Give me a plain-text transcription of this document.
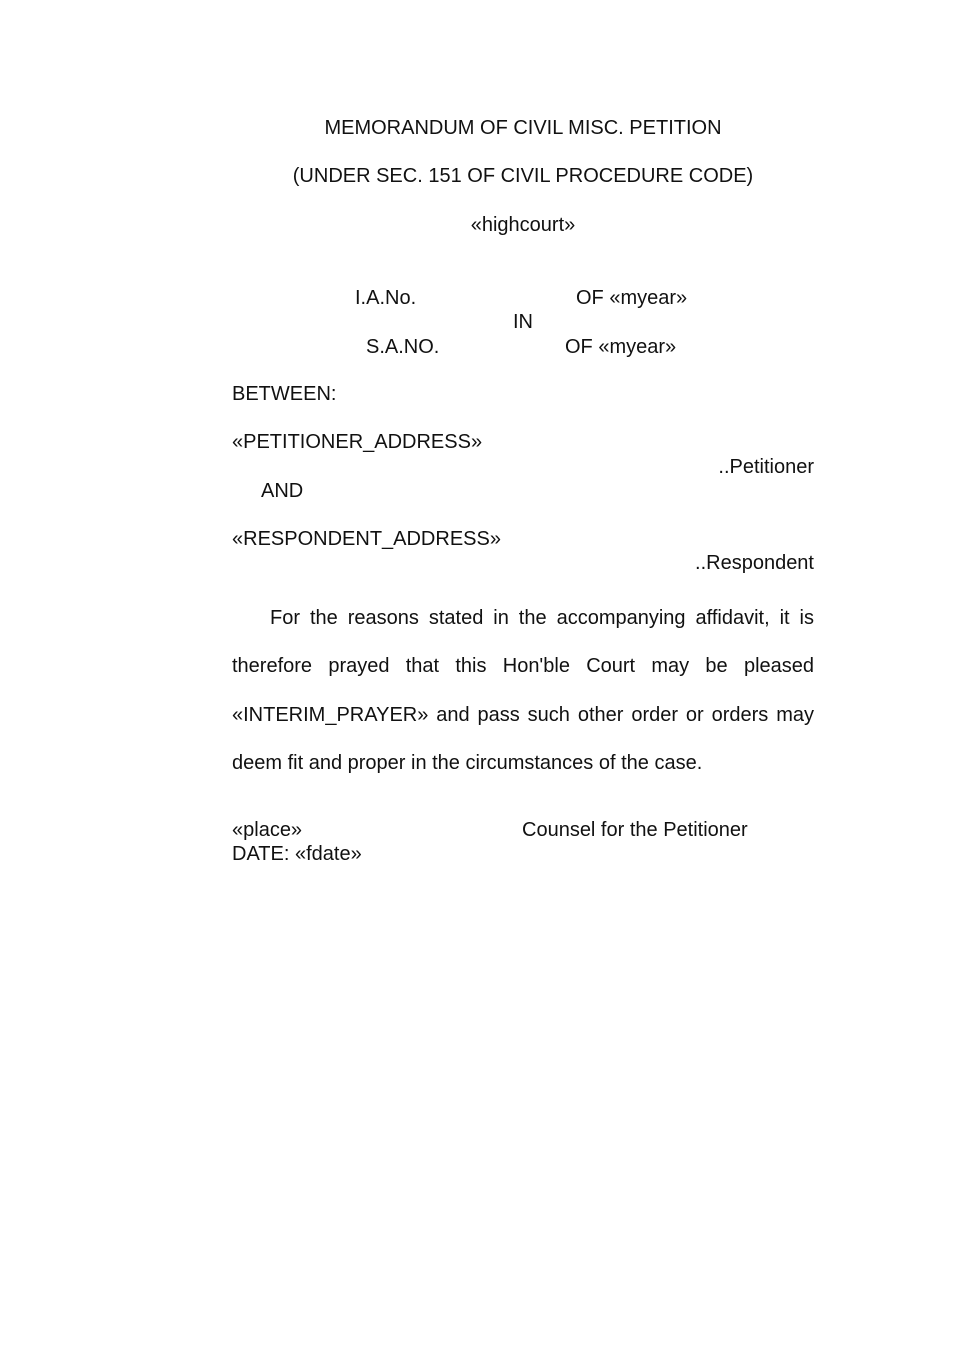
MEMORANDUM OF CIVIL MISC. PETITION
(UNDER SEC. 151 OF CIVIL PROCEDURE CODE)
«highcourt»
I.A.No.	OF «myear»
IN
S.A.NO.	OF «myear»
BETWEEN:
«PETITIONER_ADDRESS»
..Petitioner
AND
«RESPONDENT_ADDRESS»
..Respondent
For the reasons stated in the accompanying affidavit, it is therefore prayed that this Hon'ble Court may be pleased «INTERIM_PRAYER» and pass such other order or orders may deem fit and proper in the circumstances of the case.
«place»	Counsel for the Petitioner
DATE: «fdate»
